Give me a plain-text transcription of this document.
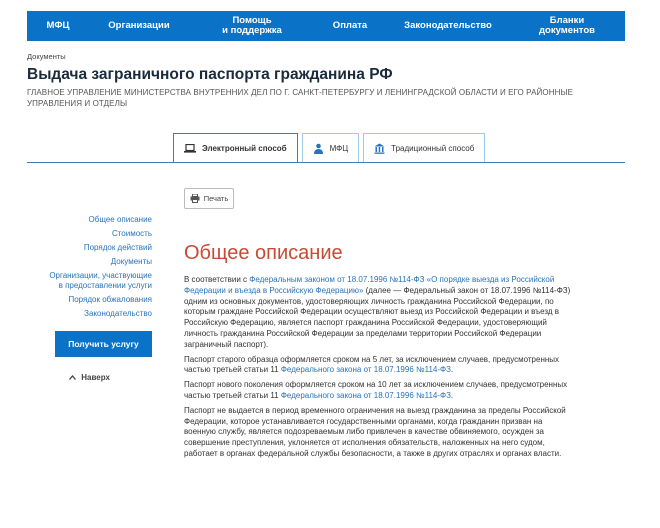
МФЦ	Организации	Помощь
и поддержка	Оплата	Законодательство	Бланки
документов
Документы
Выдача заграничного паспорта гражданина РФ
ГЛАВНОЕ УПРАВЛЕНИЕ МИНИСТЕРСТВА ВНУТРЕННИХ ДЕЛ ПО Г. САНКТ-ПЕТЕРБУРГУ И ЛЕНИНГРАДСКОЙ ОБЛАСТИ И ЕГО РАЙОННЫЕ УПРАВЛЕНИЯ И ОТДЕЛЫ
Электронный способ	МФЦ	Традиционный способ
Печать
Общее описание
Стоимость
Порядок действий
Документы
Организации, участвующие
в предоставлении услуги
Порядок обжалования
Законодательство
Получить услугу
Наверх
Общее описание

В соответствии с Федеральным законом от 18.07.1996 №114-ФЗ «О порядке выезда из Российской Федерации и въезда в Российскую Федерацию» (далее — Федеральный закон от 18.07.1996 №114-ФЗ) одним из основных документов, удостоверяющих личность гражданина Российской Федерации, по которым граждане Российской Федерации осуществляют выезд из Российской Федерации и въезд в Российскую Федерацию, является паспорт гражданина Российской Федерации, удостоверяющий личность гражданина Российской Федерации за пределами территории Российской Федерации заграничный паспорт).

Паспорт старого образца оформляется сроком на 5 лет, за исключением случаев, предусмотренных частью третьей статьи 11 Федерального закона от 18.07.1996 №114-ФЗ.

Паспорт нового поколения оформляется сроком на 10 лет за исключением случаев, предусмотренных частью третьей статьи 11 Федерального закона от 18.07.1996 №114-ФЗ.

Паспорт не выдается в период временного ограничения на выезд гражданина за пределы Российской Федерации, которое устанавливается государственными органами, когда гражданин призван на военную службу, является подозреваемым либо привлечен в качестве обвиняемого, осужден за совершение преступления, уклоняется от исполнения обязательств, наложенных на него судом, работает в органах федеральной службы безопасности, а также в других отраслях и органах власти.
